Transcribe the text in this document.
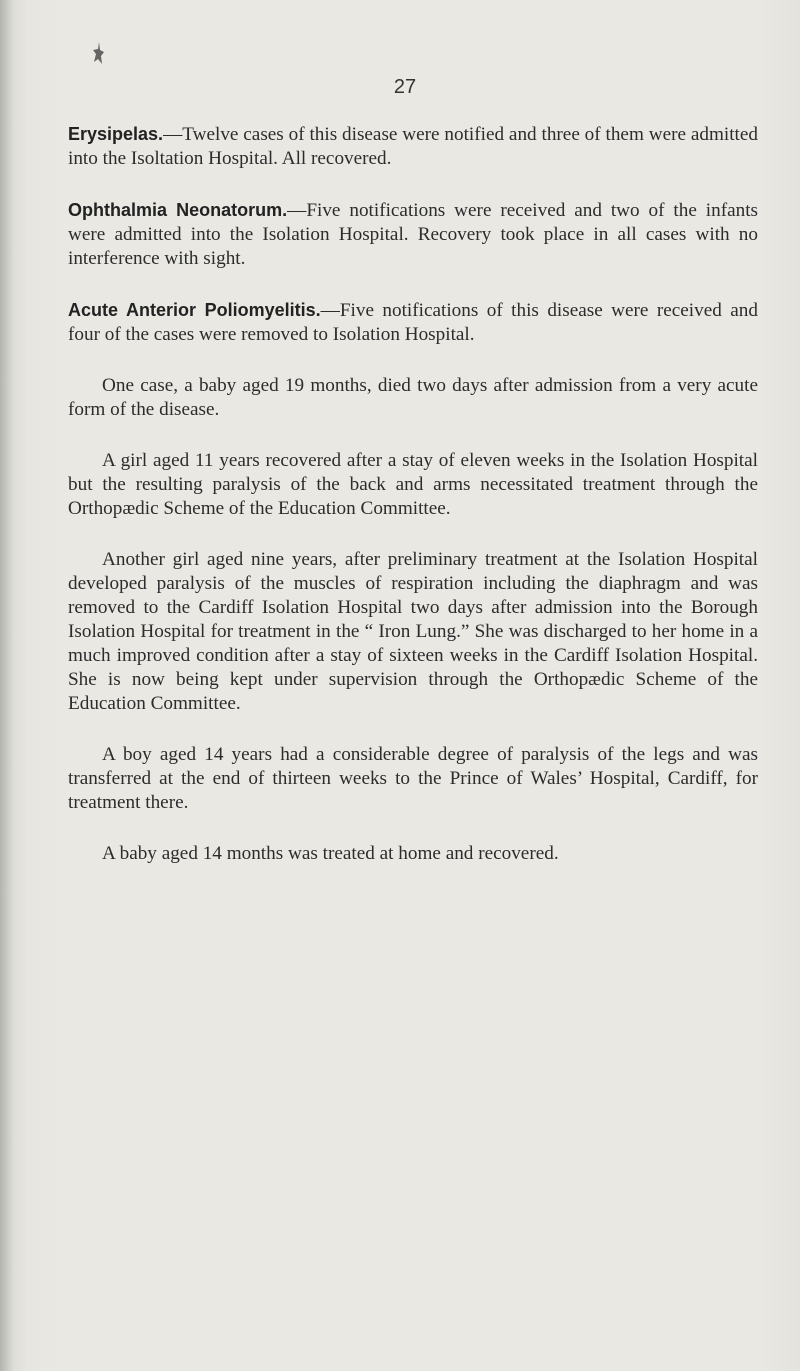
27

Erysipelas.—Twelve cases of this disease were notified and three of them were admitted into the Isoltation Hospital. All recovered.

Ophthalmia Neonatorum.—Five notifications were received and two of the infants were admitted into the Isolation Hospital. Recovery took place in all cases with no interference with sight.

Acute Anterior Poliomyelitis.—Five notifications of this disease were received and four of the cases were removed to Isolation Hospital.

One case, a baby aged 19 months, died two days after admission from a very acute form of the disease.

A girl aged 11 years recovered after a stay of eleven weeks in the Isolation Hospital but the resulting paralysis of the back and arms necessitated treatment through the Orthopædic Scheme of the Education Committee.

Another girl aged nine years, after preliminary treatment at the Isolation Hospital developed paralysis of the muscles of respiration including the diaphragm and was removed to the Cardiff Isolation Hospital two days after admission into the Borough Isolation Hospital for treatment in the “ Iron Lung.” She was discharged to her home in a much improved condition after a stay of sixteen weeks in the Cardiff Isolation Hospital. She is now being kept under supervision through the Orthopædic Scheme of the Education Committee.

A boy aged 14 years had a considerable degree of paralysis of the legs and was transferred at the end of thirteen weeks to the Prince of Wales’ Hospital, Cardiff, for treatment there.

A baby aged 14 months was treated at home and recovered.
